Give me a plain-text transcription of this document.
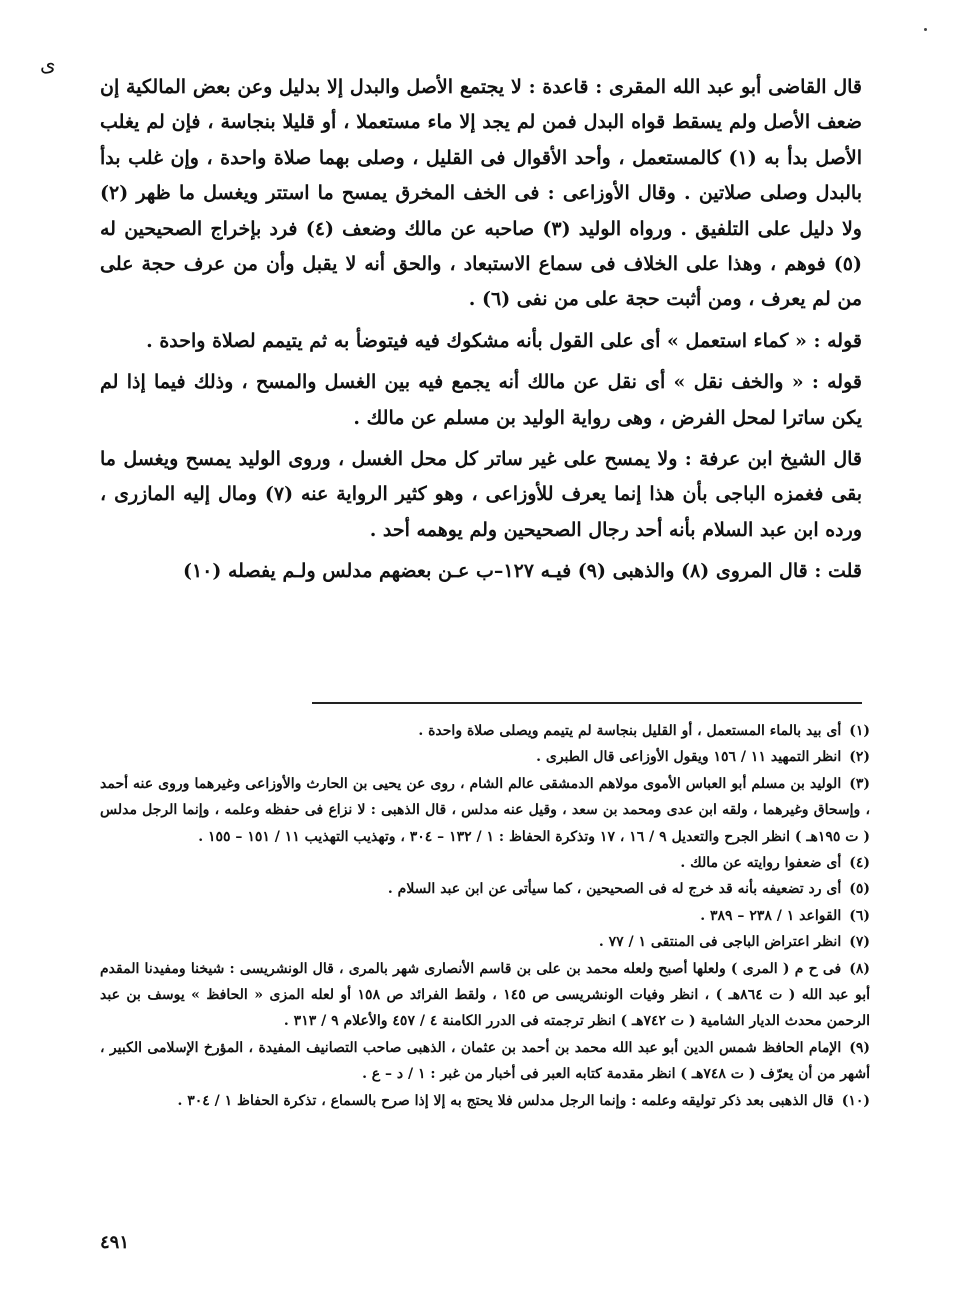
ى

قال القاضى أبو عبد الله المقرى : قاعدة : لا يجتمع الأصل والبدل إلا بدليل وعن بعض المالكية إن ضعف الأصل ولم يسقط قواه البدل فمن لم يجد إلا ماء مستعملا ، أو قليلا بنجاسة ، فإن لم يغلب الأصل بدأ به (١) كالمستعمل ، وأحد الأقوال فى القليل ، وصلى بهما صلاة واحدة ، وإن غلب بدأ بالبدل وصلى صلاتين . وقال الأوزاعى : فى الخف المخرق يمسح ما استتر ويغسل ما ظهر (٢) ولا دليل على التلفيق . ورواه الوليد (٣) صاحبه عن مالك وضعف (٤) فرد بإخراج الصحيحين له (٥) فوهم ، وهذا على الخلاف فى سماع الاستبعاد ، والحق أنه لا يقبل وأن من عرف حجة على من لم يعرف ، ومن أثبت حجة على من نفى (٦) .

قوله : « كماء استعمل » أى على القول بأنه مشكوك فيه فيتوضأ به ثم يتيمم لصلاة واحدة .

قوله : « والخف نقل » أى نقل عن مالك أنه يجمع فيه بين الغسل والمسح ، وذلك فيما إذا لم يكن ساترا لمحل الفرض ، وهى رواية الوليد بن مسلم عن مالك .

قال الشيخ ابن عرفة : ولا يمسح على غير ساتر كل محل الغسل ، وروى الوليد يمسح ويغسل ما بقى فغمزه الباجى بأن هذا إنما يعرف للأوزاعى ، وهو كثير الرواية عنه (٧) ومال إليه المازرى ، ورده ابن عبد السلام بأنه أحد رجال الصحيحين ولم يوهمه أحد .

قلت : قال المروى (٨) والذهبى (٩) فيـه ١٢٧–ب عـن بعضهم مدلس ولـم يفصله (١٠)

(١)أى بيد بالماء المستعمل ، أو القليل بنجاسة لم يتيمم ويصلى صلاة واحدة .

(٢)انظر التمهيد ١١ / ١٥٦ ويقول الأوزاعى قال الطبرى .

(٣)الوليد بن مسلم أبو العباس الأموى مولاهم الدمشقى عالم الشام ، روى عن يحيى بن الحارث والأوزاعى وغيرهما وروى عنه أحمد ، وإسحاق وغيرهما ، ولقه ابن عدى ومحمد بن سعد ، وقيل عنه مدلس ، قال الذهبى : لا نزاع فى حفظه وعلمه ، وإنما الرجل مدلس ( ت ١٩٥هـ ) انظر الجرح والتعديل ٩ / ١٦ ، ١٧ وتذكرة الحفاظ : ١ / ١٣٢ – ٣٠٤ ، وتهذيب التهذيب ١١ / ١٥١ – ١٥٥ .

(٤)أى ضعفوا روايته عن مالك .

(٥)أى رد تضعيفه بأنه قد خرج له فى الصحيحين ، كما سيأتى عن ابن عبد السلام .

(٦)القواعد ١ / ٢٣٨ – ٣٨٩ .

(٧)انظر اعتراض الباجى فى المنتقى ١ / ٧٧ .

(٨)فى ح م ( المرى ) ولعلها أصبح ولعله محمد بن على بن قاسم الأنصارى شهر بالمرى ، قال الونشريسى : شيخنا ومفيدنا المقدم أبو عبد الله ( ت ٨٦٤هـ ) ، انظر وفيات الونشريسى ص ١٤٥ ، ولقط الفرائد ص ١٥٨ أو لعله المزى « الحافظ » يوسف بن عبد الرحمن محدث الديار الشامية ( ت ٧٤٢هـ ) انظر ترجمته فى الدرر الكامنة ٤ / ٤٥٧ والأعلام ٩ / ٣١٣ .

(٩)الإمام الحافظ شمس الدين أبو عبد الله محمد بن أحمد بن عثمان ، الذهبى صاحب التصانيف المفيدة ، المؤرخ الإسلامى الكبير ، أشهر من أن يعرّف ( ت ٧٤٨هـ ) انظر مقدمة كتابه العبر فى أخبار من غبر : ١ / د – ع .

(١٠)قال الذهبى بعد ذكر توليقه وعلمه : وإنما الرجل مدلس فلا يحتج به إلا إذا صرح بالسماع ، تذكرة الحفاظ ١ / ٣٠٤ .

٤٩١
